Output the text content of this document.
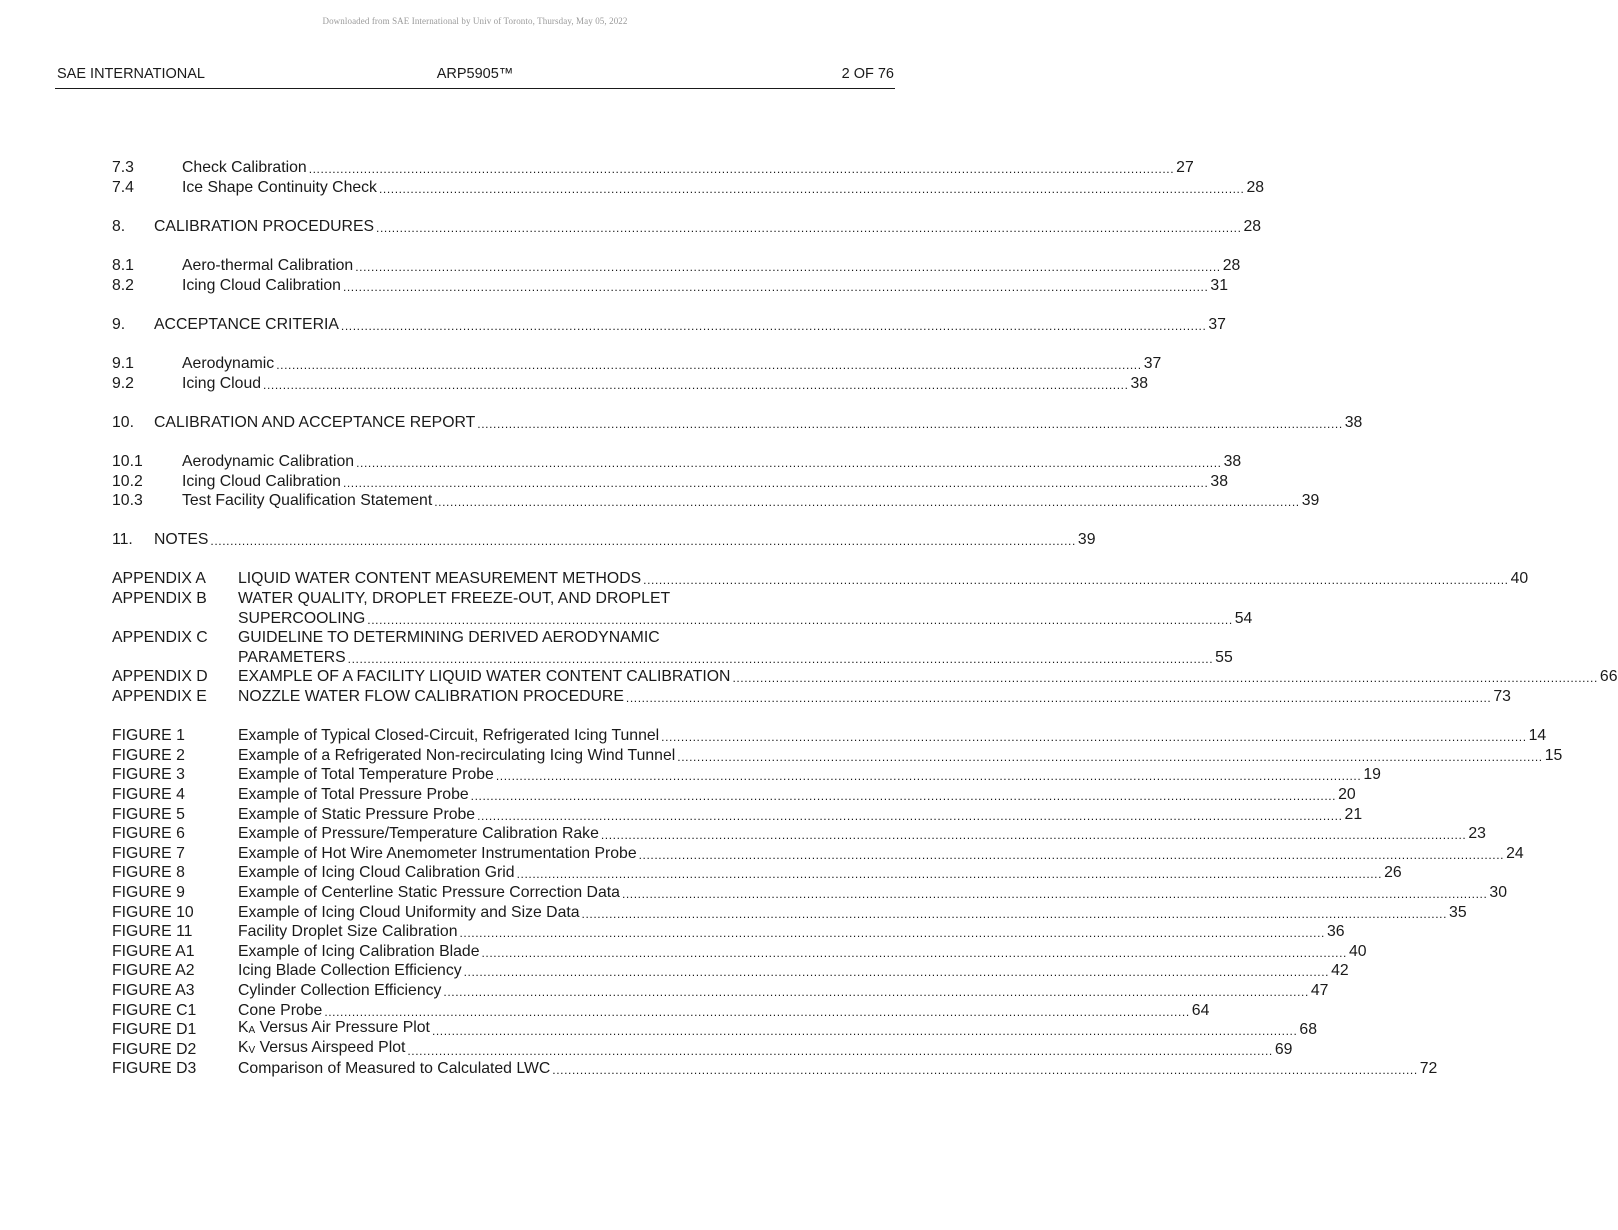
Downloaded from SAE International by Univ of Toronto, Thursday, May 05, 2022
SAE INTERNATIONAL	ARP5905™	2 OF 76
7.3	Check Calibration ............................................................................................................................................................................................................................ 27
7.4	Ice Shape Continuity Check ............................................................................................................................................................................................................................ 28
8.	CALIBRATION PROCEDURES ............................................................................................................................................................................................................................ 28
8.1	Aero-thermal Calibration ............................................................................................................................................................................................................................ 28
8.2	Icing Cloud Calibration ............................................................................................................................................................................................................................ 31
9.	ACCEPTANCE CRITERIA ............................................................................................................................................................................................................................ 37
9.1	Aerodynamic ............................................................................................................................................................................................................................ 37
9.2	Icing Cloud ............................................................................................................................................................................................................................ 38
10.	CALIBRATION AND ACCEPTANCE REPORT ............................................................................................................................................................................................................................ 38
10.1	Aerodynamic Calibration ............................................................................................................................................................................................................................ 38
10.2	Icing Cloud Calibration ............................................................................................................................................................................................................................ 38
10.3	Test Facility Qualification Statement ............................................................................................................................................................................................................................ 39
11.	NOTES ............................................................................................................................................................................................................................ 39
APPENDIX A	LIQUID WATER CONTENT MEASUREMENT METHODS ............................................................................................................................................................................................................................ 40
APPENDIX B	WATER QUALITY, DROPLET FREEZE-OUT, AND DROPLET
SUPERCOOLING ............................................................................................................................................................................................................................ 54
APPENDIX C	GUIDELINE TO DETERMINING DERIVED AERODYNAMIC
PARAMETERS ............................................................................................................................................................................................................................ 55
APPENDIX D	EXAMPLE OF A FACILITY LIQUID WATER CONTENT CALIBRATION ............................................................................................................................................................................................................................ 66
APPENDIX E	NOZZLE WATER FLOW CALIBRATION PROCEDURE ............................................................................................................................................................................................................................ 73
FIGURE 1	Example of Typical Closed-Circuit, Refrigerated Icing Tunnel ............................................................................................................................................................................................................................ 14
FIGURE 2	Example of a Refrigerated Non-recirculating Icing Wind Tunnel ............................................................................................................................................................................................................................ 15
FIGURE 3	Example of Total Temperature Probe ............................................................................................................................................................................................................................ 19
FIGURE 4	Example of Total Pressure Probe ............................................................................................................................................................................................................................ 20
FIGURE 5	Example of Static Pressure Probe ............................................................................................................................................................................................................................ 21
FIGURE 6	Example of Pressure/Temperature Calibration Rake ............................................................................................................................................................................................................................ 23
FIGURE 7	Example of Hot Wire Anemometer Instrumentation Probe ............................................................................................................................................................................................................................ 24
FIGURE 8	Example of Icing Cloud Calibration Grid ............................................................................................................................................................................................................................ 26
FIGURE 9	Example of Centerline Static Pressure Correction Data ............................................................................................................................................................................................................................ 30
FIGURE 10	Example of Icing Cloud Uniformity and Size Data ............................................................................................................................................................................................................................ 35
FIGURE 11	Facility Droplet Size Calibration ............................................................................................................................................................................................................................ 36
FIGURE A1	Example of Icing Calibration Blade ............................................................................................................................................................................................................................ 40
FIGURE A2	Icing Blade Collection Efficiency ............................................................................................................................................................................................................................ 42
FIGURE A3	Cylinder Collection Efficiency ............................................................................................................................................................................................................................ 47
FIGURE C1	Cone Probe ............................................................................................................................................................................................................................ 64
FIGURE D1	$K_A$ Versus Air Pressure Plot ............................................................................................................................................................................................................................ 68
FIGURE D2	$K_V$ Versus Airspeed Plot ............................................................................................................................................................................................................................ 69
FIGURE D3	Comparison of Measured to Calculated LWC ............................................................................................................................................................................................................................ 72
